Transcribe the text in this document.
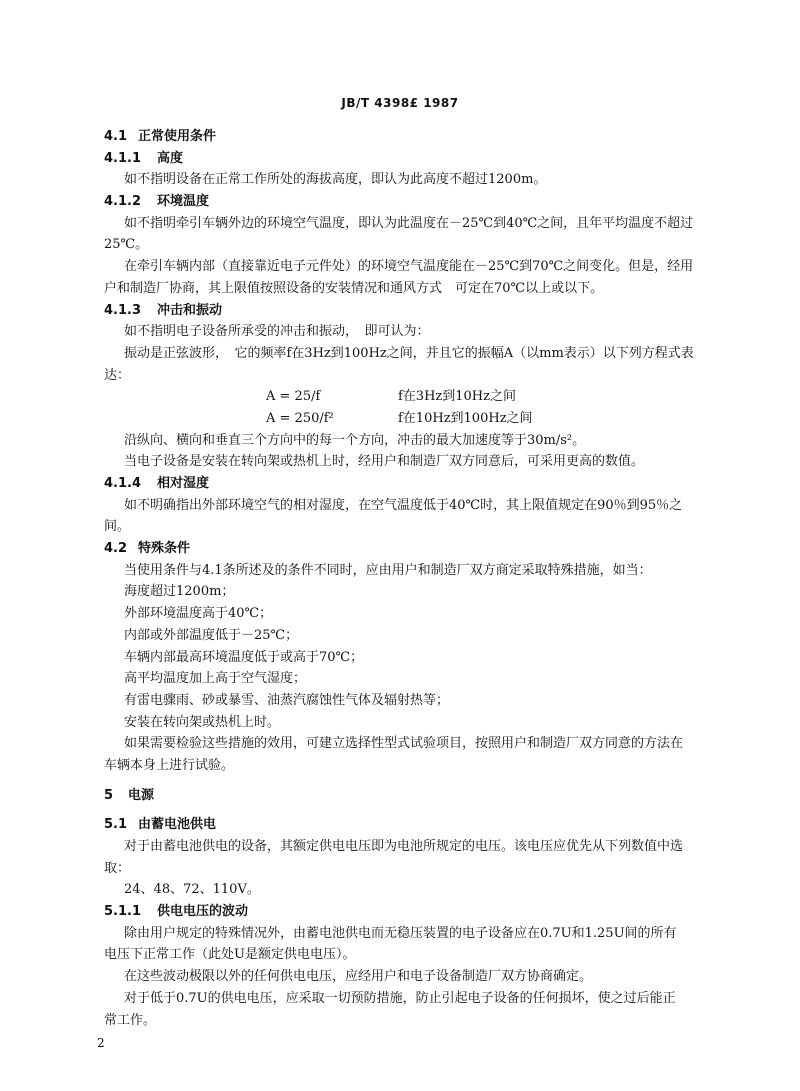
JB/T 4398£ 1987
4.1 正常使用条件
4.1.1 高度
如不指明设备在正常工作所处的海拔高度，即认为此高度不超过1200m。
4.1.2 环境温度
如不指明牵引车辆外边的环境空气温度，即认为此温度在－25℃到40℃之间，且年平均温度不超过
25℃。
在牵引车辆内部（直接靠近电子元件处）的环境空气温度能在－25℃到70℃之间变化。但是，经用
户和制造厂协商，其上限值按照设备的安装情况和通风方式　可定在70℃以上或以下。
4.1.3 冲击和振动
如不指明电子设备所承受的冲击和振动，　即可认为：
振动是正弦波形，　它的频率f在3Hz到100Hz之间，并且它的振幅A（以mm表示）以下列方程式表
达：
A = 25/f	f在3Hz到10Hz之间
A = 250/f²	f在10Hz到100Hz之间
沿纵向、横向和垂直三个方向中的每一个方向，冲击的最大加速度等于30m/s²。
当电子设备是安装在转向架或热机上时，经用户和制造厂双方同意后，可采用更高的数值。
4.1.4 相对湿度
如不明确指出外部环境空气的相对湿度，在空气温度低于40℃时，其上限值规定在90％到95％之
间。
4.2 特殊条件
当使用条件与4.1条所述及的条件不同时，应由用户和制造厂双方商定采取特殊措施，如当：
海度超过1200m；
外部环境温度高于40℃；
内部或外部温度低于－25℃；
车辆内部最高环境温度低于或高于70℃；
高平均温度加上高于空气湿度；
有雷电骤雨、砂或暴雪、油蒸汽腐蚀性气体及辐射热等；
安装在转向架或热机上时。
如果需要检验这些措施的效用，可建立选择性型式试验项目，按照用户和制造厂双方同意的方法在
车辆本身上进行试验。
5 电源
5.1 由蓄电池供电
对于由蓄电池供电的设备，其额定供电电压即为电池所规定的电压。该电压应优先从下列数值中选
取：
24、48、72、110V。
5.1.1 供电电压的波动
除由用户规定的特殊情况外，由蓄电池供电而无稳压装置的电子设备应在0.7U和1.25U间的所有
电压下正常工作（此处U是额定供电电压）。
在这些波动极限以外的任何供电电压，应经用户和电子设备制造厂双方协商确定。
对于低于0.7U的供电电压，应采取一切预防措施，防止引起电子设备的任何损坏，使之过后能正
常工作。
2
